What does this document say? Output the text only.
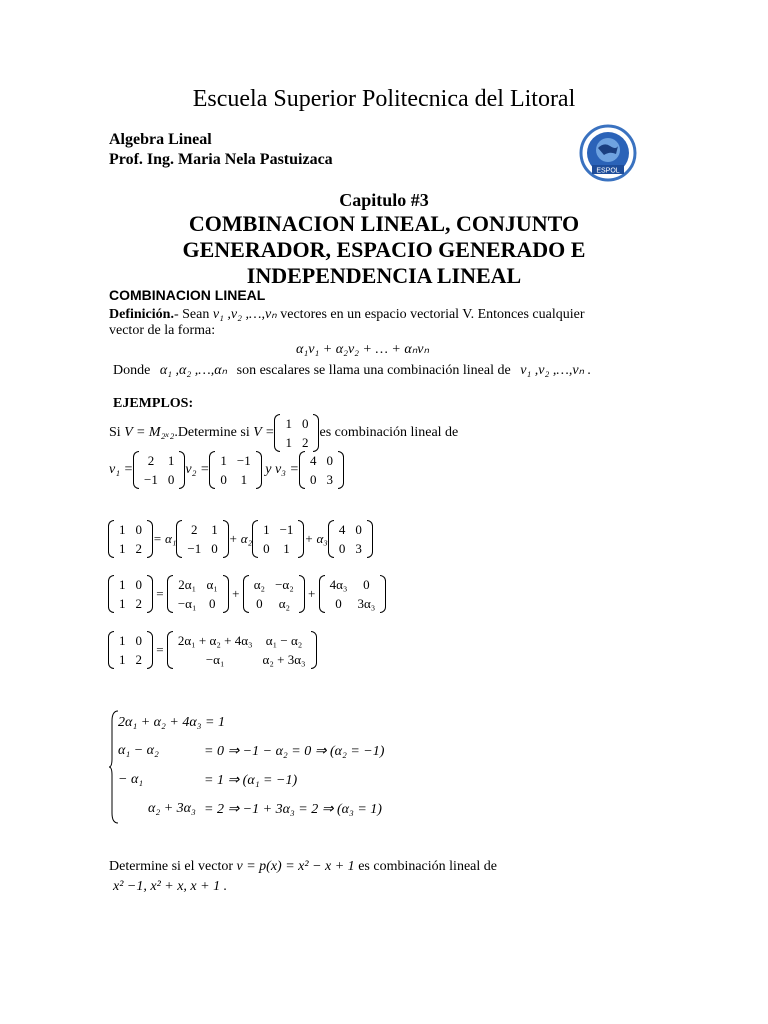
Escuela Superior Politecnica del Litoral
Algebra Lineal
Prof. Ing. Maria Nela Pastuizaca
ESPOL
Capitulo #3
COMBINACION LINEAL, CONJUNTO GENERADOR, ESPACIO GENERADO E INDEPENDENCIA LINEAL
COMBINACION LINEAL
Definición.- Sean v₁ ,v₂ ,…,vₙ vectores en un espacio vectorial V. Entonces cualquier
vector de la forma:
α₁v₁ + α₂v₂ + … + αₙvₙ
Donde α₁ ,α₂ ,…,αₙ son escalares se llama una combinación lineal de v₁ ,v₂ ,…,vₙ .
EJEMPLOS:
Si
V = M₂ₓ₂ .Determine si
V =
1	0
1	2
es combinación lineal de
v₁ =
2	1
−1	0
v₂ =
1	−1
0	1

y
v₃ =
4	0
0	3
1	0
1	2
= α₁
2	1
−1	0
+ α₂
1	−1
0	1
+ α₃
4	0
0	3
1	0
1	2
=
2α₁	α₁
−α₁	0
+
α₂	−α₂
0	α₂
+
4α₃	0
0	3α₃
1	0
1	2
=
2α₁ + α₂ + 4α₃	α₁ − α₂
−α₁	α₂ + 3α₃
2α₁ + α₂ + 4α₃ = 1
α₁ − α₂	= 0 ⇒ −1 − α₂ = 0 ⇒ (α₂ = −1)
− α₁	= 1 ⇒ (α₁ = −1)
α₂ + 3α₃ = 2 ⇒ −1 + 3α₃ = 2 ⇒ (α₃ = 1)
Determine si el vector v = p(x) = x² − x + 1 es combinación lineal de
x² −1, x² + x, x + 1 .
